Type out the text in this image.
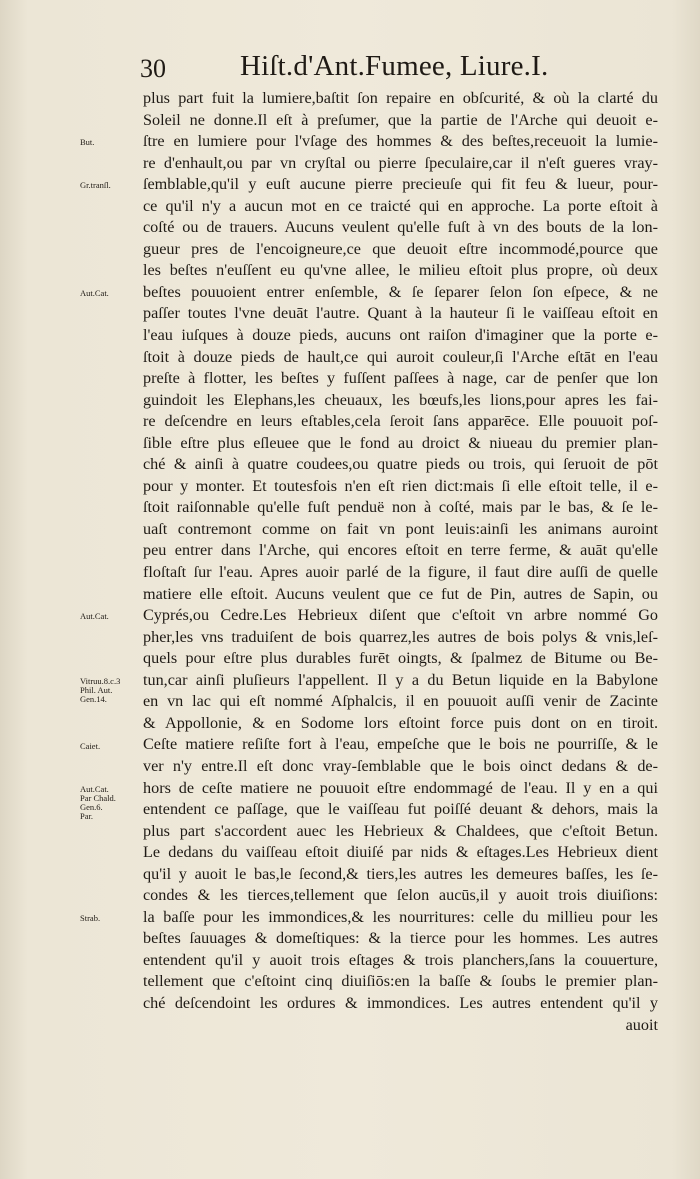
30	Hiſt.d'Ant.Fumee, Liure.I.
But.
Gr.tranſl.
Aut.Cat.
Aut.Cat.
Vitruu.8.c.3
Phil. Aut.
Gen.14.
Caiet.
Aut.Cat.
Par Chald.
Gen.6.
Par.
Strab.
plus part fuit la lumiere,baſtit ſon repaire en obſcurité, & où la clarté du
Soleil ne donne.Il eſt à preſumer, que la partie de l'Arche qui deuoit e-
ſtre en lumiere pour l'vſage des hommes & des beſtes,receuoit la lumie-
re d'enhault,ou par vn cryſtal ou pierre ſpeculaire,car il n'eſt gueres vray-
ſemblable,qu'il y euſt aucune pierre precieuſe qui fit feu & lueur, pour-
ce qu'il n'y a aucun mot en ce traicté qui en approche. La porte eſtoit à
coſté ou de trauers. Aucuns veulent qu'elle fuſt à vn des bouts de la lon-
gueur pres de l'encoigneure,ce que deuoit eſtre incommodé,pource que
les beſtes n'euſſent eu qu'vne allee, le milieu eſtoit plus propre, où deux
beſtes pouuoient entrer enſemble, & ſe ſeparer ſelon ſon eſpece, & ne
paſſer toutes l'vne deuāt l'autre. Quant à la hauteur ſi le vaiſſeau eſtoit en
l'eau iuſques à douze pieds, aucuns ont raiſon d'imaginer que la porte e-
ſtoit à douze pieds de hault,ce qui auroit couleur,ſi l'Arche eſtāt en l'eau
preſte à flotter, les beſtes y fuſſent paſſees à nage, car de penſer que lon
guindoit les Elephans,les cheuaux, les bœufs,les lions,pour apres les fai-
re deſcendre en leurs eſtables,cela ſeroit ſans apparēce. Elle pouuoit poſ-
ſible eſtre plus eſleuee que le fond au droict & niueau du premier plan-
ché & ainſi à quatre coudees,ou quatre pieds ou trois, qui ſeruoit de pōt
pour y monter. Et toutesfois n'en eſt rien dict:mais ſi elle eſtoit telle, il e-
ſtoit raiſonnable qu'elle fuſt penduë non à coſté, mais par le bas, & ſe le-
uaſt contremont comme on fait vn pont leuis:ainſi les animans auroint
peu entrer dans l'Arche, qui encores eſtoit en terre ferme, & auāt qu'elle
floſtaſt ſur l'eau. Apres auoir parlé de la figure, il faut dire auſſi de quelle
matiere elle eſtoit. Aucuns veulent que ce fut de Pin, autres de Sapin, ou
Cyprés,ou Cedre.Les Hebrieux diſent que c'eſtoit vn arbre nommé Go
pher,les vns traduiſent de bois quarrez,les autres de bois polys & vnis,leſ-
quels pour eſtre plus durables furēt oingts, & ſpalmez de Bitume ou Be-
tun,car ainſi pluſieurs l'appellent. Il y a du Betun liquide en la Babylone
en vn lac qui eſt nommé Aſphalcis, il en pouuoit auſſi venir de Zacinte
& Appollonie, & en Sodome lors eſtoint force puis dont on en tiroit.
Ceſte matiere reſiſte fort à l'eau, empeſche que le bois ne pourriſſe, & le
ver n'y entre.Il eſt donc vray-ſemblable que le bois oinct dedans & de-
hors de ceſte matiere ne pouuoit eſtre endommagé de l'eau. Il y en a qui
entendent ce paſſage, que le vaiſſeau fut poiſſé deuant & dehors, mais la
plus part s'accordent auec les Hebrieux & Chaldees, que c'eſtoit Betun.
Le dedans du vaiſſeau eſtoit diuiſé par nids & eſtages.Les Hebrieux dient
qu'il y auoit le bas,le ſecond,& tiers,les autres les demeures baſſes, les ſe-
condes & les tierces,tellement que ſelon aucūs,il y auoit trois diuiſions:
la baſſe pour les immondices,& les nourritures: celle du millieu pour les
beſtes ſauuages & domeſtiques: & la tierce pour les hommes. Les autres
entendent qu'il y auoit trois eſtages & trois planchers,ſans la couuerture,
tellement que c'eſtoint cinq diuiſiōs:en la baſſe & ſoubs le premier plan-
ché deſcendoint les ordures & immondices. Les autres entendent qu'il y
auoit
